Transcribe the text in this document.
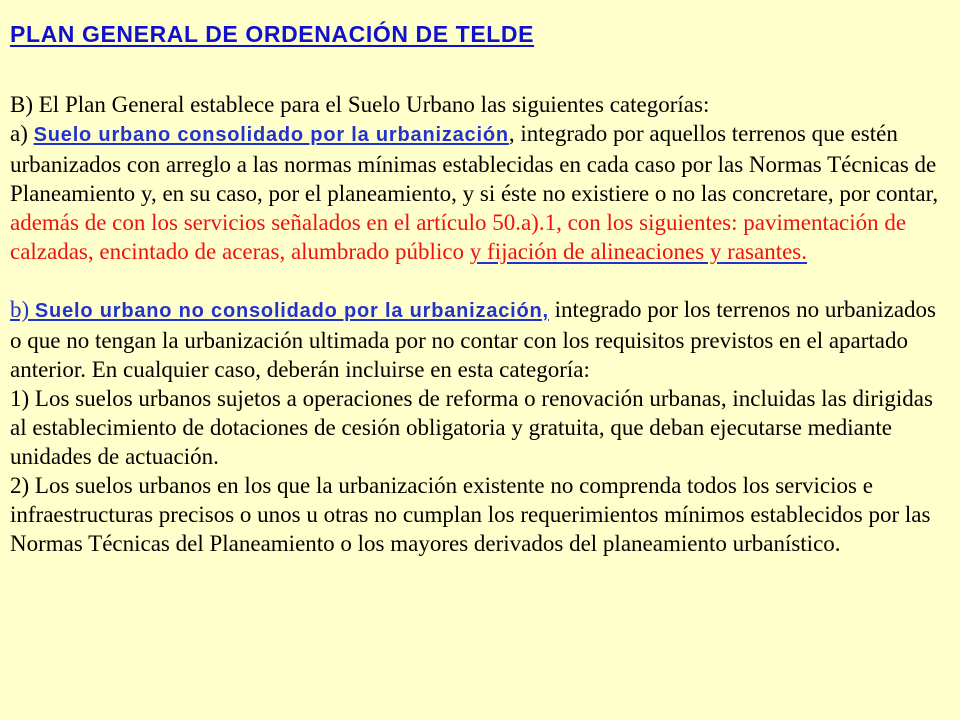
PLAN GENERAL DE ORDENACIÓN DE TELDE

B) El Plan General establece para el Suelo Urbano las siguientes categorías:

a) Suelo urbano consolidado por la urbanización, integrado por aquellos terrenos que estén urbanizados con arreglo a las normas mínimas establecidas en cada caso por las Normas Técnicas de Planeamiento y, en su caso, por el planeamiento, y si éste no existiere o no las concretare, por contar, además de con los servicios señalados en el artículo 50.a).1, con los siguientes: pavimentación de calzadas, encintado de aceras, alumbrado público y fijación de alineaciones y rasantes.

b) Suelo urbano no consolidado por la urbanización, integrado por los terrenos no urbanizados o que no tengan la urbanización ultimada por no contar con los requisitos previstos en el apartado anterior. En cualquier caso, deberán incluirse en esta categoría:

1) Los suelos urbanos sujetos a operaciones de reforma o renovación urbanas, incluidas las dirigidas al establecimiento de dotaciones de cesión obligatoria y gratuita, que deban ejecutarse mediante unidades de actuación.

2) Los suelos urbanos en los que la urbanización existente no comprenda todos los servicios e infraestructuras precisos o unos u otras no cumplan los requerimientos mínimos establecidos por las Normas Técnicas del Planeamiento o los mayores derivados del planeamiento urbanístico.
